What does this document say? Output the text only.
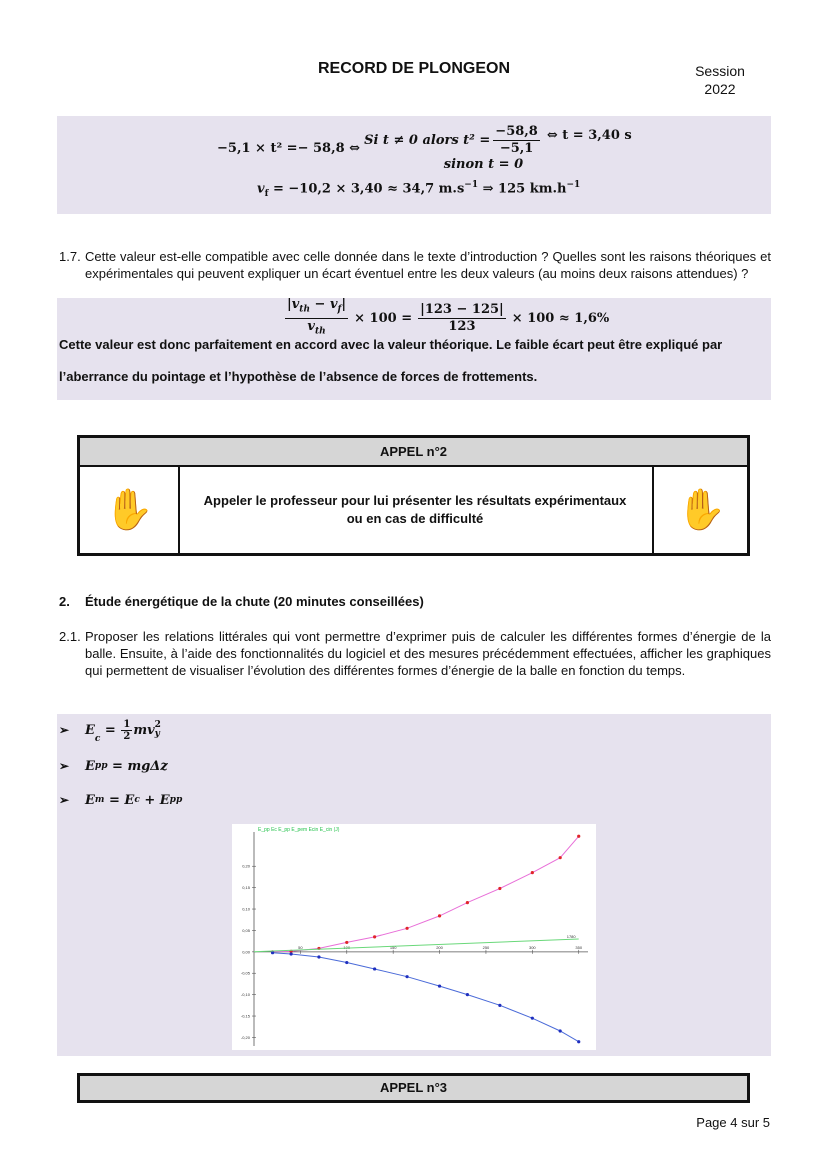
RECORD DE PLONGEON	Session
2022
−5,1 × t² =− 58,8 ⇔ Si t ≠ 0 alors $t^2 = \frac{-58,8}{-5,1}$
sinon t = 0
⇔ t = 3,40 s
$v_f = -10,2 \times 3,40 \approx 34,7$ $m.s^{-1}$ ⇒ 125 $km.h^{-1}$
1.7. Cette valeur est-elle compatible avec celle donnée dans le texte d’introduction ? Quelles sont les raisons théoriques et expérimentales qui peuvent expliquer un écart éventuel entre les deux valeurs (au moins deux raisons attendues) ?
$\frac{|v_{th} - v_f|}{v_{th}} \times 100 = \frac{|123 - 125|}{123} \times 100 \approx 1,6\%$
Cette valeur est donc parfaitement en accord avec la valeur théorique. Le faible écart peut être expliqué par
l’aberrance du pointage et l’hypothèse de l’absence de forces de frottements.
APPEL n°2
✋	Appeler le professeur pour lui présenter les résultats expérimentaux
ou en cas de difficulté	✋
2. Étude énergétique de la chute (20 minutes conseillées)
2.1. Proposer les relations littérales qui vont permettre d’exprimer puis de calculer les différentes formes d’énergie de la balle. Ensuite, à l’aide des fonctionnalités du logiciel et des mesures précédemment effectuées, afficher les graphiques qui permettent de visualiser l’évolution des différentes formes d’énergie de la balle en fonction du temps.
➢	E
$_c$
= $\frac{1}{2}$ mv 2
y
➢	E pp = mgΔz
➢	E m = E c + E pp
E_pp Ec E_pp E_pem Ecin E_cin (J)
0,20
0,15
0,10
0,05
0,00
-0,05
-0,10
-0,15
-0,20
50	100	150	200	250	300	350
1780
APPEL n°3
Page 4 sur 5
